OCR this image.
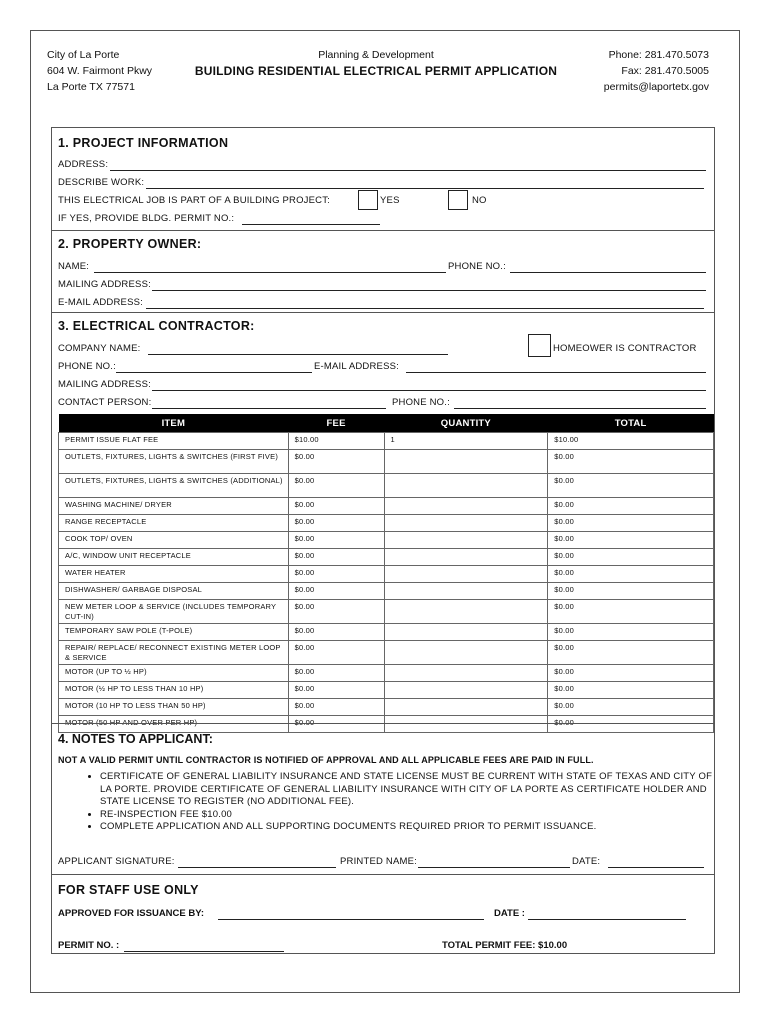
City of La Porte
604 W. Fairmont Pkwy
La Porte TX 77571
Planning & Development
BUILDING RESIDENTIAL ELECTRICAL PERMIT APPLICATION
Phone: 281.470.5073
Fax: 281.470.5005
permits@laportetx.gov
1. PROJECT INFORMATION
ADDRESS:
DESCRIBE WORK:
THIS ELECTRICAL JOB IS PART OF A BUILDING PROJECT:	YES	NO
IF YES, PROVIDE BLDG. PERMIT NO.:
2. PROPERTY OWNER:
NAME:	PHONE NO.:
MAILING ADDRESS:
E-MAIL ADDRESS:
3. ELECTRICAL CONTRACTOR:
COMPANY NAME:	HOMEOWER IS CONTRACTOR
PHONE NO.:	E-MAIL ADDRESS:
MAILING ADDRESS:
CONTACT PERSON:	PHONE NO.:
ITEM	FEE	QUANTITY	TOTAL
PERMIT ISSUE FLAT FEE	$10.00	1	$10.00
OUTLETS, FIXTURES, LIGHTS & SWITCHES (FIRST FIVE)	$0.00		$0.00
OUTLETS, FIXTURES, LIGHTS & SWITCHES (ADDITIONAL)	$0.00		$0.00
WASHING MACHINE/ DRYER	$0.00		$0.00
RANGE RECEPTACLE	$0.00		$0.00
COOK TOP/ OVEN	$0.00		$0.00
A/C, WINDOW UNIT RECEPTACLE	$0.00		$0.00
WATER HEATER	$0.00		$0.00
DISHWASHER/ GARBAGE DISPOSAL	$0.00		$0.00
NEW METER LOOP & SERVICE (INCLUDES TEMPORARY CUT-IN)	$0.00		$0.00
TEMPORARY SAW POLE (T-POLE)	$0.00		$0.00
REPAIR/ REPLACE/ RECONNECT EXISTING METER LOOP & SERVICE	$0.00		$0.00
MOTOR (UP TO ½ HP)	$0.00		$0.00
MOTOR (½ HP TO LESS THAN 10 HP)	$0.00		$0.00
MOTOR (10 HP TO LESS THAN 50 HP)	$0.00		$0.00
MOTOR (50 HP AND OVER PER HP)	$0.00		$0.00
4. NOTES TO APPLICANT:
NOT A VALID PERMIT UNTIL CONTRACTOR IS NOTIFIED OF APPROVAL AND ALL APPLICABLE FEES ARE PAID IN FULL.
• CERTIFICATE OF GENERAL LIABILITY INSURANCE AND STATE LICENSE MUST BE CURRENT WITH STATE OF TEXAS AND CITY OF LA PORTE. PROVIDE CERTIFICATE OF GENERAL LIABILITY INSURANCE WITH CITY OF LA PORTE AS CERTIFICATE HOLDER AND STATE LICENSE TO REGISTER (NO ADDITIONAL FEE).
• RE-INSPECTION FEE $10.00
• COMPLETE APPLICATION AND ALL SUPPORTING DOCUMENTS REQUIRED PRIOR TO PERMIT ISSUANCE.
APPLICANT SIGNATURE:	PRINTED NAME:	DATE:
FOR STAFF USE ONLY
APPROVED FOR ISSUANCE BY:	DATE :
PERMIT NO. :	TOTAL PERMIT FEE: $10.00
